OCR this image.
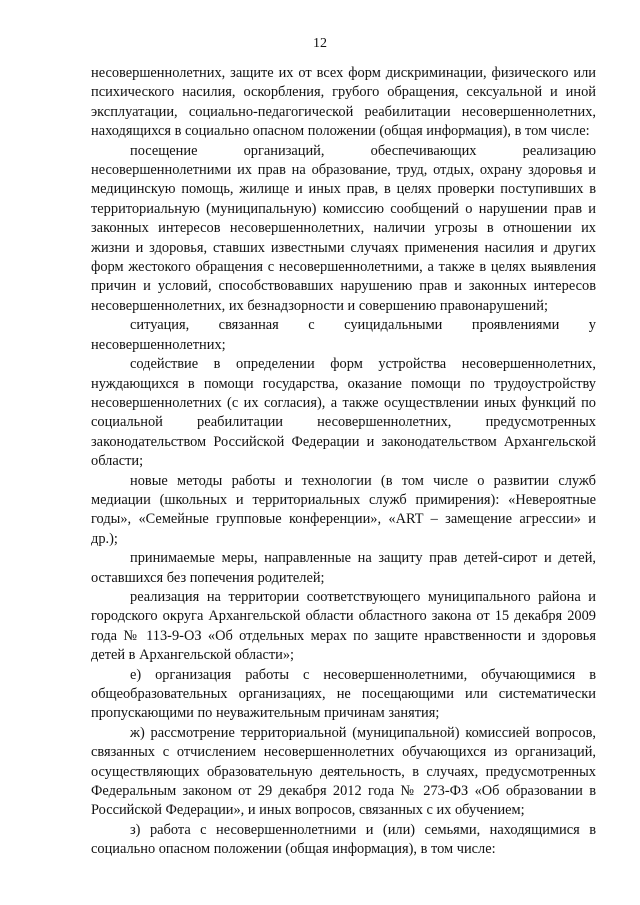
12

несовершеннолетних, защите их от всех форм дискриминации, физического или психического насилия, оскорбления, грубого обращения, сексуальной и иной эксплуатации, социально-педагогической реабилитации несовершеннолетних, находящихся в социально опасном положении (общая информация), в том числе:

посещение организаций, обеспечивающих реализацию несовершеннолетними их прав на образование, труд, отдых, охрану здоровья и медицинскую помощь, жилище и иных прав, в целях проверки поступивших в территориальную (муниципальную) комиссию сообщений о нарушении прав и законных интересов несовершеннолетних, наличии угрозы в отношении их жизни и здоровья, ставших известными случаях применения насилия и других форм жестокого обращения с несовершеннолетними, а также в целях выявления причин и условий, способствовавших нарушению прав и законных интересов несовершеннолетних, их безнадзорности и совершению правонарушений;

ситуация, связанная с суицидальными проявлениями у несовершеннолетних;

содействие в определении форм устройства несовершеннолетних, нуждающихся в помощи государства, оказание помощи по трудоустройству несовершеннолетних (с их согласия), а также осуществлении иных функций по социальной реабилитации несовершеннолетних, предусмотренных законодательством Российской Федерации и законодательством Архангельской области;

новые методы работы и технологии (в том числе о развитии служб медиации (школьных и территориальных служб примирения): «Невероятные годы», «Семейные групповые конференции», «ART – замещение агрессии» и др.);

принимаемые меры, направленные на защиту прав детей-сирот и детей, оставшихся без попечения родителей;

реализация на территории соответствующего муниципального района и городского округа Архангельской области областного закона от 15 декабря 2009 года № 113-9-ОЗ «Об отдельных мерах по защите нравственности и здоровья детей в Архангельской области»;

е) организация работы с несовершеннолетними, обучающимися в общеобразовательных организациях, не посещающими или систематически пропускающими по неуважительным причинам занятия;

ж) рассмотрение территориальной (муниципальной) комиссией вопросов, связанных с отчислением несовершеннолетних обучающихся из организаций, осуществляющих образовательную деятельность, в случаях, предусмотренных Федеральным законом от 29 декабря 2012 года № 273-ФЗ «Об образовании в Российской Федерации», и иных вопросов, связанных с их обучением;

з) работа с несовершеннолетними и (или) семьями, находящимися в социально опасном положении (общая информация), в том числе:
